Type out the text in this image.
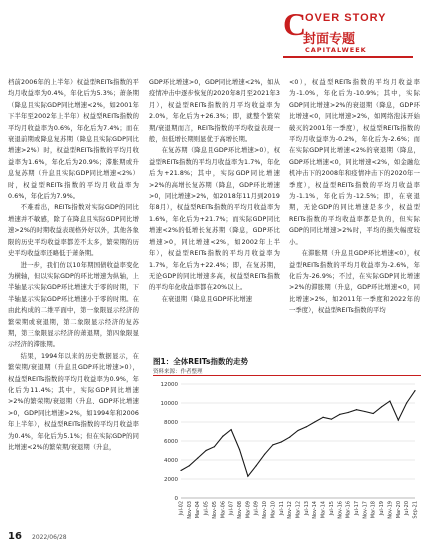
C
OVER STORY
封面专题
CAPITALWEEK

档前2006年的上半年）权益型REITs指数的平均月收益率为0.4%，年化后为5.3%；萧条期（降息且实际GDP同比增速<2%，如2001年下半年至2002年上半年）权益型REITs指数的平均月收益率为0.6%，年化后为7.4%；而在衰退前期或降息复苏期（降息且实际GDP同比增速>2%）时，权益型REITs指数的平均月收益率为1.6%，年化后为20.9%；滞胀期或升息复苏期（升息且实际GDP同比增速<2%）时，权益型REITs指数的平均月收益率为0.6%，年化后为7.9%。

不难看出，REITs指数对实际GDP的同比增速并不敏感，除了在降息且实际GDP同比增速>2%的时期收益表现格外好以外，其他各象限的历史平均收益率都差不太多，繁荣期的历史平均收益率还略低于萧条期。

进一步，我们仿以10年期国债收益率变化为横轴，但以实际GDP的环比增速为纵轴，上半轴显示实际GDP环比增速大于零的时期，下半轴显示实际GDP环比增速小于零的时期。在由此构成的二维平面中，第一象限显示经济的繁荣期或衰退期，第二象限显示经济的复苏期，第三象限显示经济的萧退期，第四象限显示经济的滞胀期。

结果，1994年以来的历史数据显示，在繁荣期/衰退期（升息且GDP环比增速>0），权益型REITs指数的平均月收益率为0.9%，年化后为11.4%；其中，实际GDP同比增速>2%的繁荣期/衰退期（升息、GDP环比增速>0，GDP同比增速>2%，如1994年和2006年上半年），权益型REITs指数的平均月收益率为0.4%，年化后为5.1%；但在实际GDP的同比增速<2%的繁荣期/衰退期（升息，

GDP环比增速>0，GDP同比增速<2%，如从疫情冲击中逐步恢复的2020年8月至2021年3月），权益型REITs指数的月平均收益率为2.0%，年化后为+26.3%；即，就整个繁荣期/衰退期而言，REITs指数的平均收益表现一般，但低增长期则显优于高增长期。

在复苏期（降息且GDP环比增速>0），权益型REITs指数的平均月收益率为1.7%，年化后为+21.8%；其中，实际GDP同比增速>2%的高增长复苏期（降息，GDP环比增速>0，同比增速>2%，如2018年11月到2019年8月），权益型REITs指数的平均月收益率为1.6%，年化后为+21.7%；而实际GDP同比增速<2%的低增长复苏期（降息，GDP环比增速>0，同比增速<2%，如2002年上半年），权益型REITs指数的平均月收益率为1.7%，年化后为+22.4%；即，在复苏期，无论GDP的同比增速多高，权益型REITs指数的平均年化收益率都在20%以上。

在衰退期（降息且GDP环比增速

<0），权益型REITs指数的平均月收益率为-1.0%，年化后为-10.9%；其中，实际GDP同比增速>2%的衰退期（降息，GDP环比增速<0，同比增速>2%，如网络泡沫开始破灭的2001年一季度），权益型REITs指数的平均月收益率为-0.2%，年化后为-2.6%；而在实际GDP同比增速<2%的衰退期（降息，GDP环比增速<0，同比增速<2%，如金融危机冲击下的2008年和疫情冲击下的2020年一季度），权益型REITs指数的平均月收益率为-1.1%，年化后为-12.5%；即，在衰退期，无论GDP的同比增速是多少，权益型REITs指数的平均收益率都是负的，但实际GDP的同比增速>2%时，平均的损失幅度较小。

在滞胀期（升息且GDP环比增速<0），权益型REITs指数的平均月收益率为-2.6%，年化后为-26.9%；不过，在实际GDP同比增速>2%的滞胀期（升息，GDP环比增速<0，同比增速>2%，如2011年一季度和2022年的一季度），权益型REITs指数的平均

图1：全体REITs指数的走势
资料来源：作者整理
0
2000
4000
6000
8000
10000
12000
Jul-02 Nov-03 Mar-04 Jul-05 Nov-05 Mar-06 Jul-07 Nov-08 Mar-09 Jul-09 Nov-10 Mar-10 Jul-11 Nov-12 Mar-12 Jul-13 Nov-14 Mar-14 Jul-15 Nov-16 Mar-16 Jul-17 Nov-17 Mar-18 Jul-19 Nov-19 Mar-20 Jul-20 Sep-21
16 2022/06/28
